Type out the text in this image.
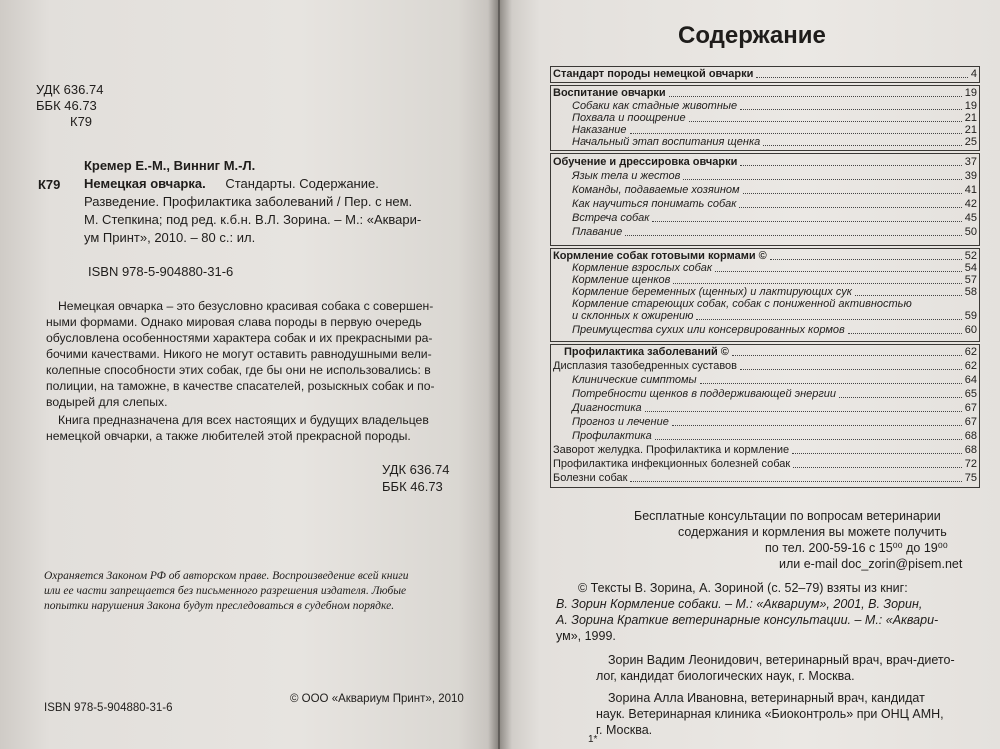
УДК 636.74
ББК 46.73
К79
Кремер Е.-М., Винниг М.-Л.
К79 Немецкая овчарка. Стандарты. Содержание.
Разведение. Профилактика заболеваний / Пер. с нем.
М. Степкина; под ред. к.б.н. В.Л. Зорина. – М.: «Аквари-
ум Принт», 2010. – 80 с.: ил.
ISBN 978-5-904880-31-6
Немецкая овчарка – это безусловно красивая собака с совершен-
ными формами. Однако мировая слава породы в первую очередь
обусловлена особенностями характера собак и их прекрасными ра-
бочими качествами. Никого не могут оставить равнодушными вели-
колепные способности этих собак, где бы они не использовались: в
полиции, на таможне, в качестве спасателей, розыскных собак и по-
водырей для слепых.
Книга предназначена для всех настоящих и будущих владельцев
немецкой овчарки, а также любителей этой прекрасной породы.
УДК 636.74
ББК 46.73
Охраняется Законом РФ об авторском праве. Воспроизведение всей книги
или ее части запрещается без письменного разрешения издателя. Любые
попытки нарушения Закона будут преследоваться в судебном порядке.
ISBN 978-5-904880-31-6
© ООО «Аквариум Принт», 2010
Содержание
Стандарт породы немецкой овчарки	4
Воспитание овчарки	19
Собаки как стадные животные	19
Похвала и поощрение	21
Наказание	21
Начальный этап воспитания щенка	25
Обучение и дрессировка овчарки	37
Язык тела и жестов	39
Команды, подаваемые хозяином	41
Как научиться понимать собак	42
Встреча собак	45
Плавание	50
Кормление собак готовыми кормами ©	52
Кормление взрослых собак	54
Кормление щенков	57
Кормление беременных (щенных) и лактирующих сук	58
Кормление стареющих собак, собак с пониженной активностью
и склонных к ожирению	59
Преимущества сухих или консервированных кормов	60
Профилактика заболеваний ©	62
Дисплазия тазобедренных суставов	62
Клинические симптомы	64
Потребности щенков в поддерживающей энергии	65
Диагностика	67
Прогноз и лечение	67
Профилактика	68
Заворот желудка. Профилактика и кормление	68
Профилактика инфекционных болезней собак	72
Болезни собак	75
Бесплатные консультации по вопросам ветеринарии
содержания и кормления вы можете получить
по тел. 200-59-16 с 15⁰⁰ до 19⁰⁰
или e-mail doc_zorin@pisem.net
© Тексты В. Зорина, А. Зориной (с. 52–79) взяты из книг:
В. Зорин Кормление собаки. – М.: «Аквариум», 2001, В. Зорин,
А. Зорина Краткие ветеринарные консультации. – М.: «Аквари-
ум», 1999.
Зорин Вадим Леонидович, ветеринарный врач, врач-дието-
лог, кандидат биологических наук, г. Москва.
Зорина Алла Ивановна, ветеринарный врач, кандидат
наук. Ветеринарная клиника «Биоконтроль» при ОНЦ АМН,
г. Москва.
1*
